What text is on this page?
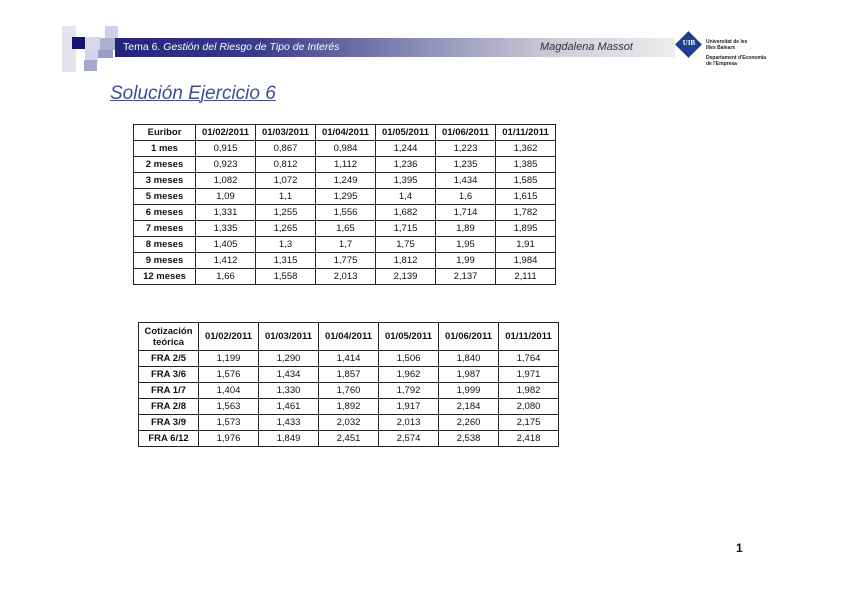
Tema 6. Gestión del Riesgo de Tipo de Interés	Magdalena Massot	UIB	Universitat de les
Illes Balears
Departament d'Economia
de l'Empresa
Solución Ejercicio 6
Euribor	01/02/2011	01/03/2011	01/04/2011	01/05/2011	01/06/2011	01/11/2011
1 mes	0,915	0,867	0,984	1,244	1,223	1,362
2 meses	0,923	0,812	1,112	1,236	1,235	1,385
3 meses	1,082	1,072	1,249	1,395	1,434	1,585
5 meses	1,09	1,1	1,295	1,4	1,6	1,615
6 meses	1,331	1,255	1,556	1,682	1,714	1,782
7 meses	1,335	1,265	1,65	1,715	1,89	1,895
8 meses	1,405	1,3	1,7	1,75	1,95	1,91
9 meses	1,412	1,315	1,775	1,812	1,99	1,984
12 meses	1,66	1,558	2,013	2,139	2,137	2,111
Cotización
teórica	01/02/2011	01/03/2011	01/04/2011	01/05/2011	01/06/2011	01/11/2011
FRA 2/5	1,199	1,290	1,414	1,506	1,840	1,764
FRA 3/6	1,576	1,434	1,857	1,962	1,987	1,971
FRA 1/7	1,404	1,330	1,760	1,792	1,999	1,982
FRA 2/8	1,563	1,461	1,892	1,917	2,184	2,080
FRA 3/9	1,573	1,433	2,032	2,013	2,260	2,175
FRA 6/12	1,976	1,849	2,451	2,574	2,538	2,418
1
